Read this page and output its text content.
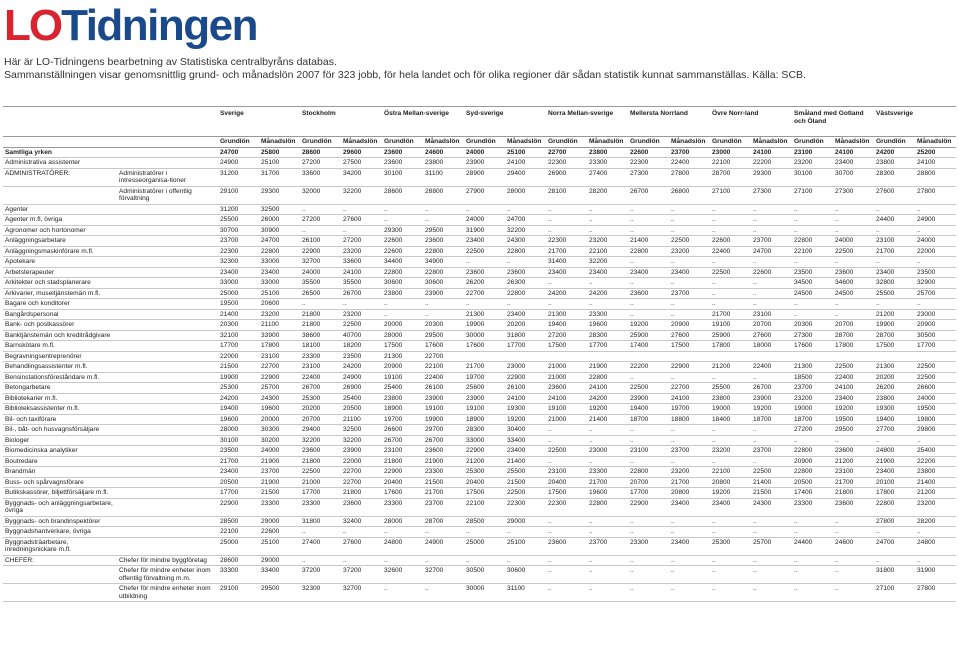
LO Tidningen
Här är LO-Tidningens bearbetning av Statistiska centralbyråns databas.
Sammanställningen visar genomsnittlig grund- och månadslön 2007 för 323 jobb, för hela landet och för olika regioner där sådan statistik kunnat sammanställas. Källa: SCB.
		Sverige		Stockholm		Östra Mellan-sverige		Syd-sverige		Norra Mellan-sverige		Mellersta Norrland		Övre Norr-land		Småland med Gotland och Öland		Västsverige	
		Grundlön	Månadslön	Grundlön	Månadslön	Grundlön	Månadslön	Grundlön	Månadslön	Grundlön	Månadslön	Grundlön	Månadslön	Grundlön	Månadslön	Grundlön	Månadslön	Grundlön	Månadslön
Samtliga yrken		24700	25800	28600	29600	23600	24600	24000	25100	22700	23800	22600	23700	23000	24100	23100	24100	24200	25200
Administrativa assistenter		24900	25100	27200	27500	23600	23800	23900	24100	22300	23300	22300	22400	22100	22200	23200	23400	23800	24100
ADMINISTRATÖRER:	Administratörer i intresseorganisa-tioner	31200	31700	33600	34200	30100	31100	28900	29400	26900	27400	27300	27800	28700	29300	30100	30700	28300	28800
	Administratörer i offentlig förvaltning	29100	29300	32000	32200	28600	28800	27900	28000	28100	28200	26700	26800	27100	27300	27100	27300	27600	27800
Agenter		31200	32500	..	..	..	..	..	..	..	..	..	..	..	..	..	..	..	..
Agenter m.fl, övriga		25500	26000	27200	27600	..	..	24000	24700	..	..	..	..	..	..	..	..	24400	24900
Agronomer och hortonomer		30700	30900	..	..	29300	29500	31900	32200	..	..	..	..	..	..	..	..	..	..
Anläggningsarbetare		23700	24700	26100	27200	22600	23600	23400	24300	22300	23200	21400	22500	22600	23700	22800	24000	23100	24000
Anläggningsmaskinförare m.fl.		22300	22800	22900	23200	22600	22800	22500	22800	21700	22100	22800	23200	22400	24700	22100	22500	21700	22000
Apotekare		32300	33000	32700	33600	34400	34900	..	..	31400	32200	..	..	..	..	..	..	..	..
Arbetsterapeuter		23400	23400	24000	24100	22800	22800	23600	23600	23400	23400	23400	23400	22500	22600	23500	23600	23400	23500
Arkitekter och stadsplanerare		33000	33000	35500	35500	30600	30600	26200	26300	..	..	..	..	..	..	34500	34600	32800	32900
Arkivarier, museitjänstemän m.fl.		25000	25100	26500	26700	23800	23900	22700	22800	24200	24200	23600	23700	..	..	24500	24500	25500	25700
Bagare och konditorer		19500	20600	..	..	..	..	..	..	..	..	..	..	..	..	..	..	..	..
Bangårdspersonal		21400	23200	21800	23200	..	..	21300	23400	21300	23300	..	..	21700	23100	..	..	21200	23000
Bank- och postkassörer		20300	21100	21800	22500	20000	20300	19900	20200	19400	19600	19200	20900	19100	20700	20300	20700	19900	20900
Banktjänstemän och kreditrådgivare		32100	33900	38600	40700	28000	29500	30000	31800	27200	28300	25900	27600	25900	27600	27300	28700	28700	30500
Barnskötare m.fl.		17700	17800	18100	18200	17500	17600	17600	17700	17500	17700	17400	17500	17800	18000	17600	17800	17500	17700
Begravningsentreprenörer		22000	23100	23300	23500	21300	22700												
Behandlingsassistenter m.fl.		21500	22700	23100	24200	20900	22100	21700	23000	21000	21900	22200	22900	21200	22400	21300	22500	21300	22500
Bensinstationsföreståndare m.fl.		19900	22900	22400	24900	19100	22400	19700	22900	21000	22800	..	..	..	..	18500	22400	20200	22500
Betongarbetare		25300	25700	26700	26900	25400	26100	25600	26100	23600	24100	22500	22700	25500	26700	23700	24100	26200	26600
Bibliotekarier m.fl.		24200	24300	25300	25400	23800	23900	23900	24100	24100	24200	23900	24100	23800	23900	23200	23400	23800	24000
Biblioteksassistenter m.fl.		19400	19600	20200	20500	18900	19100	19100	19300	19100	19200	19400	19700	19000	19200	19000	19200	19300	19500
Bil- och taxiförare		19600	20000	20700	21100	19700	19900	18900	19200	21000	21400	18700	18800	18400	18700	18700	19500	19400	19800
Bil-, båt- och husvagnsförsäljare		28000	30300	29400	32500	26600	29700	28300	30400	..	..	..	..	..	..	27200	29500	27700	29800
Biologer		30100	30200	32200	32200	26700	26700	33000	33400	..	..	..	..	..	..	..	..	..	..
Biomedicinska analytiker		23500	24000	23600	23900	23100	23600	22900	23400	22500	23000	23100	23700	23200	23700	22800	23600	24800	25400
Boutredare		21700	21900	21800	22000	21800	21900	21200	21400	..	..	..	..	..	..	20900	21200	21900	22200
Brandmän		23400	23700	22500	22700	22900	23300	25300	25500	23100	23300	22800	23200	22100	22500	22800	23100	23400	23800
Buss- och spårvagnsförare		20500	21900	21000	22700	20400	21500	20400	21500	20400	21700	20700	21700	20800	21400	20500	21700	20100	21400
Butikskassörer, biljettförsäljare m.fl.		17700	21500	17700	21800	17600	21700	17500	22500	17500	19600	17700	20800	19200	21500	17400	21800	17800	21200
Byggnads- och anläggningsarbetare, övriga		22900	23300	23300	23600	23300	23700	22100	22300	22300	22800	22900	23400	23400	24300	23300	23600	22800	23200
Byggnads- och brandinspektörer		28500	29000	31800	32400	28000	28700	28500	29000	..	..	..	..	..	..	..	..	27800	28200
Byggnadshantverkare, övriga		22100	22600	..	..	..	..	..	..	..	..	..	..	..	..	..	..	..	..
Byggnadsträarbetare, inredningsnickare m.fl.		25000	25100	27400	27600	24800	24900	25000	25100	23600	23700	23300	23400	25300	25700	24400	24600	24700	24800
CHEFER:	Chefer för mindre byggföretag	28600	29000	..	..	..	..	..	..	..	..	..	..	..	..	..	..	..	..
	Chefer för mindre enheter inom offentlig förvaltning m.m.	33300	33400	37200	37200	32600	32700	30500	30600	..	..	..	..	..	..	..	..	31800	31900
	Chefer för mindre enheter inom utbildning	29100	29500	32300	32700	..	..	30000	31100	..	..	..	..	..	..	..	..	27100	27800
